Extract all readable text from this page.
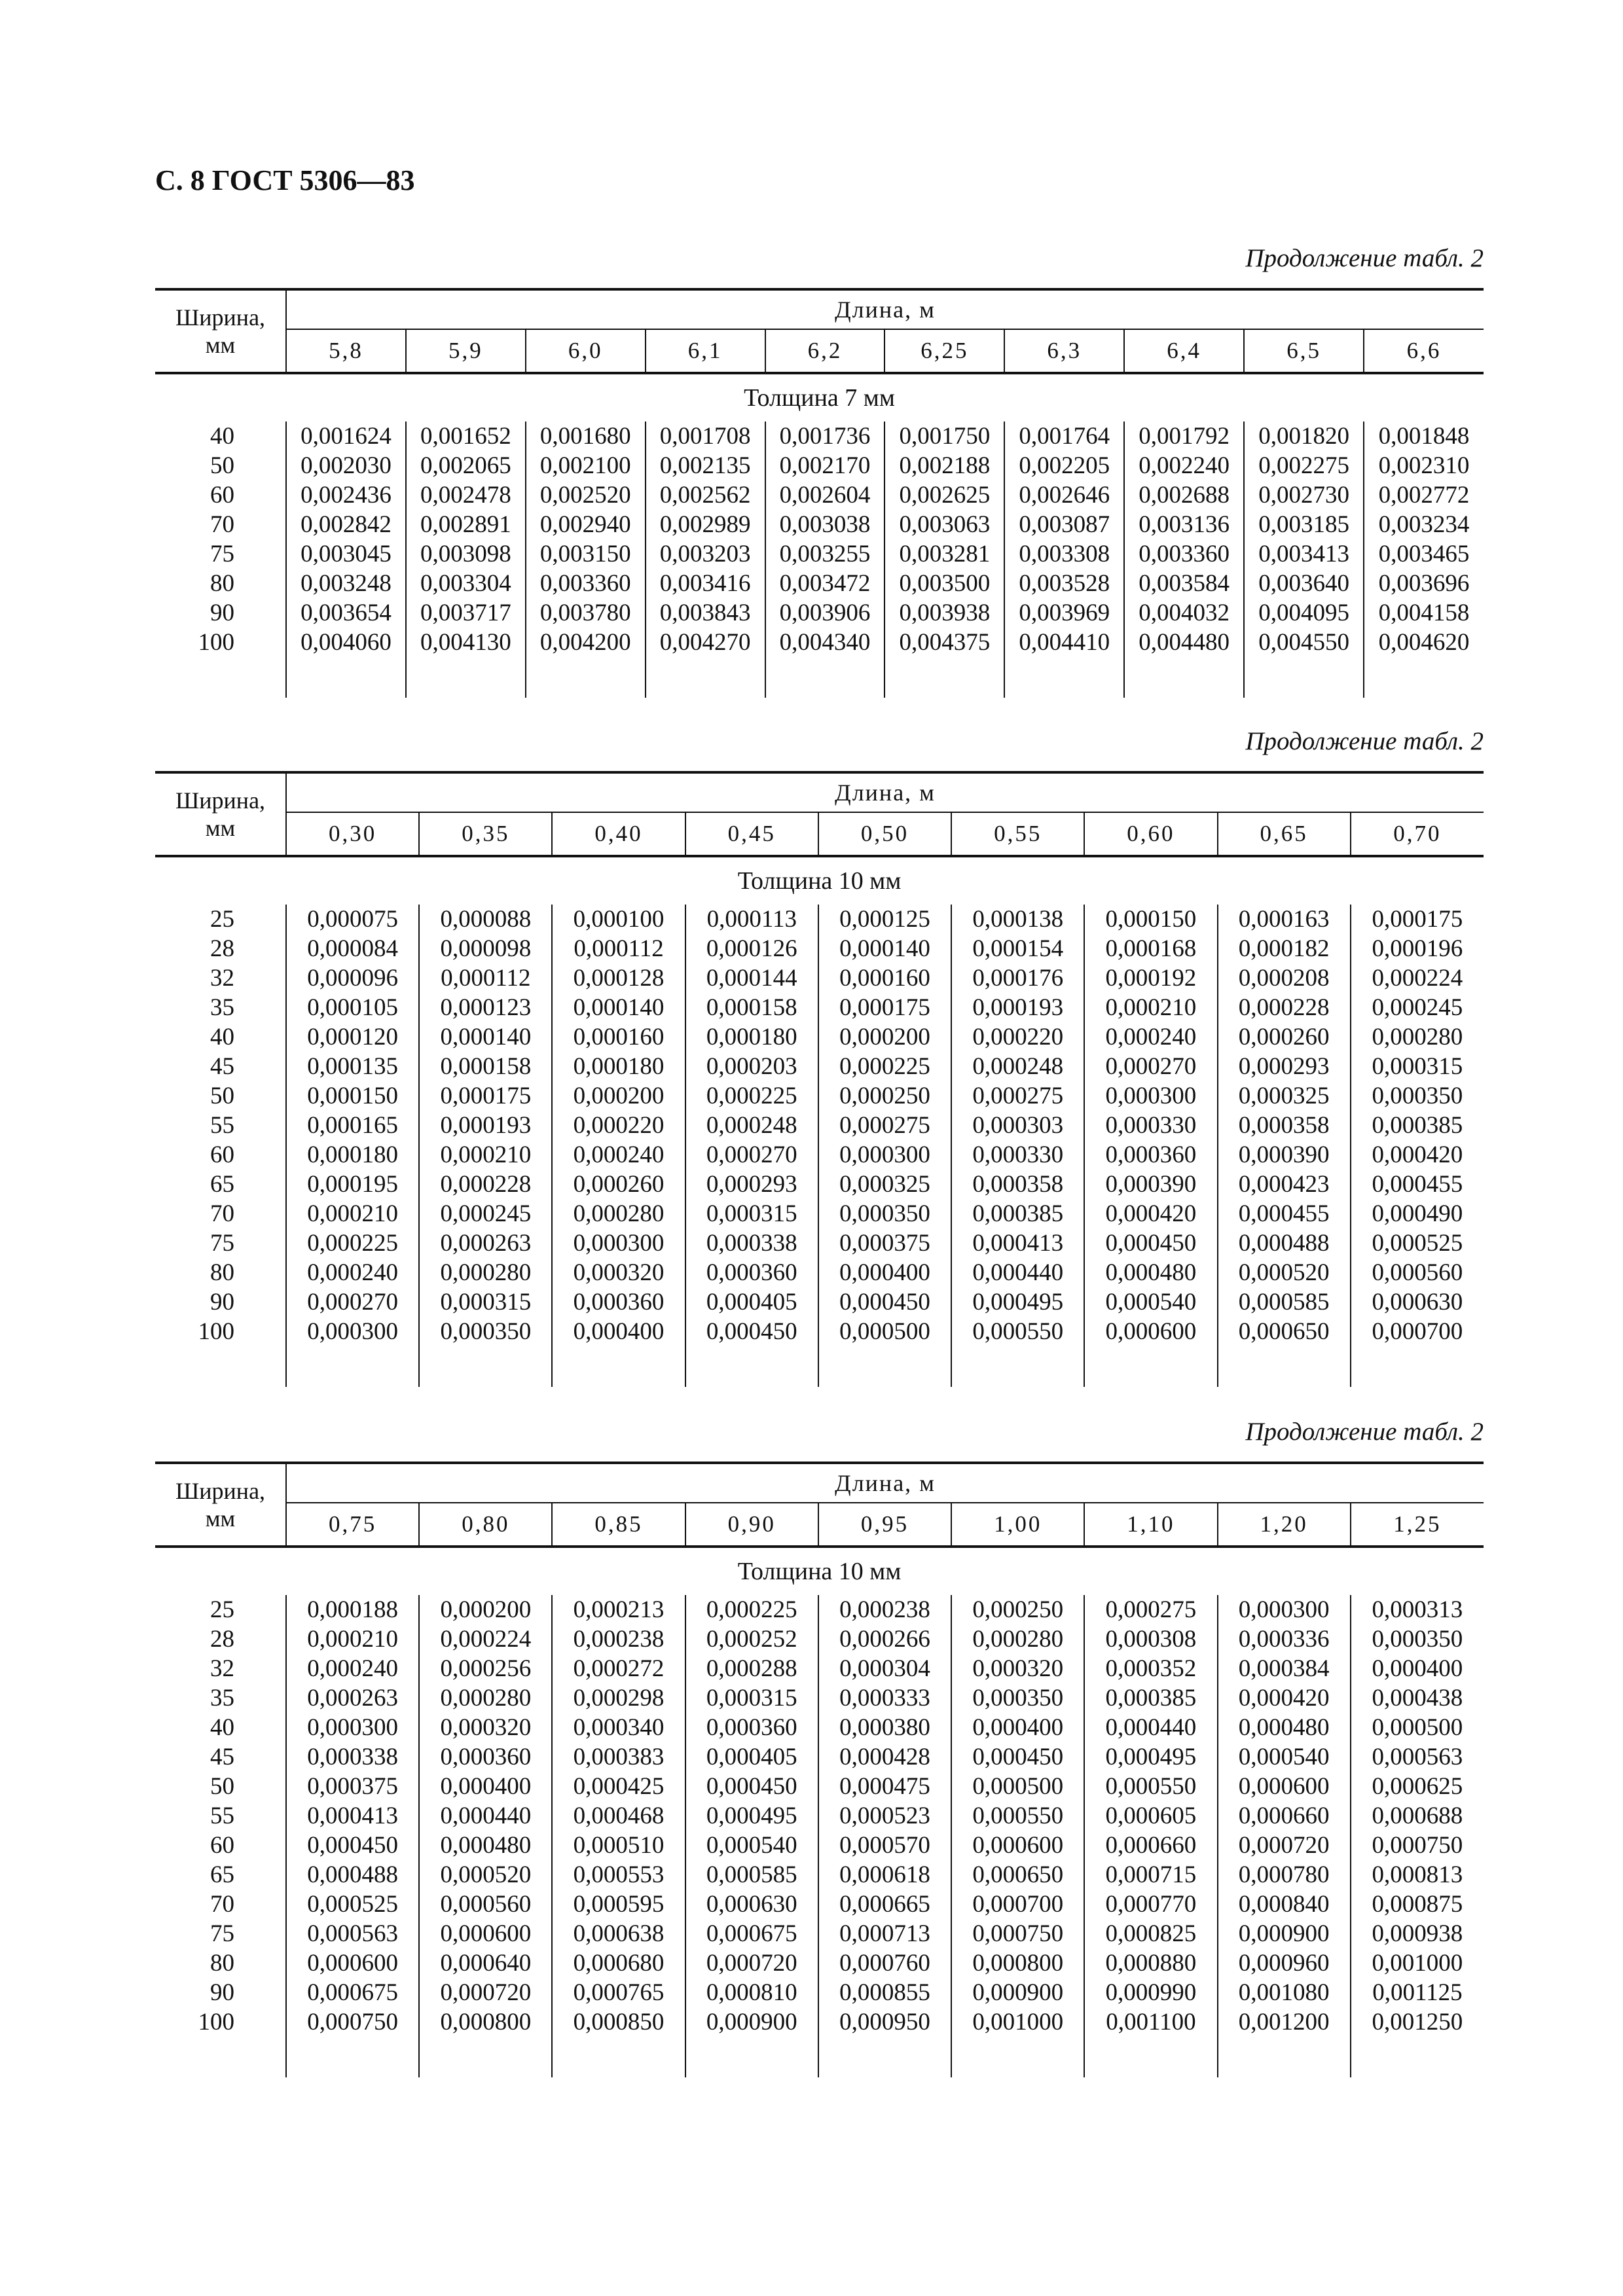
С. 8 ГОСТ 5306—83
Продолжение табл. 2
Ширина,
мм	Длина, м									
	5,8	5,9	6,0	6,1	6,2	6,25	6,3	6,4	6,5	6,6
Толщина 7 мм										
40	0,001624	0,001652	0,001680	0,001708	0,001736	0,001750	0,001764	0,001792	0,001820	0,001848
50	0,002030	0,002065	0,002100	0,002135	0,002170	0,002188	0,002205	0,002240	0,002275	0,002310
60	0,002436	0,002478	0,002520	0,002562	0,002604	0,002625	0,002646	0,002688	0,002730	0,002772
70	0,002842	0,002891	0,002940	0,002989	0,003038	0,003063	0,003087	0,003136	0,003185	0,003234
75	0,003045	0,003098	0,003150	0,003203	0,003255	0,003281	0,003308	0,003360	0,003413	0,003465
80	0,003248	0,003304	0,003360	0,003416	0,003472	0,003500	0,003528	0,003584	0,003640	0,003696
90	0,003654	0,003717	0,003780	0,003843	0,003906	0,003938	0,003969	0,004032	0,004095	0,004158
100	0,004060	0,004130	0,004200	0,004270	0,004340	0,004375	0,004410	0,004480	0,004550	0,004620

Продолжение табл. 2
Ширина,
мм	Длина, м								
	0,30	0,35	0,40	0,45	0,50	0,55	0,60	0,65	0,70
Толщина 10 мм									
25	0,000075	0,000088	0,000100	0,000113	0,000125	0,000138	0,000150	0,000163	0,000175
28	0,000084	0,000098	0,000112	0,000126	0,000140	0,000154	0,000168	0,000182	0,000196
32	0,000096	0,000112	0,000128	0,000144	0,000160	0,000176	0,000192	0,000208	0,000224
35	0,000105	0,000123	0,000140	0,000158	0,000175	0,000193	0,000210	0,000228	0,000245
40	0,000120	0,000140	0,000160	0,000180	0,000200	0,000220	0,000240	0,000260	0,000280
45	0,000135	0,000158	0,000180	0,000203	0,000225	0,000248	0,000270	0,000293	0,000315
50	0,000150	0,000175	0,000200	0,000225	0,000250	0,000275	0,000300	0,000325	0,000350
55	0,000165	0,000193	0,000220	0,000248	0,000275	0,000303	0,000330	0,000358	0,000385
60	0,000180	0,000210	0,000240	0,000270	0,000300	0,000330	0,000360	0,000390	0,000420
65	0,000195	0,000228	0,000260	0,000293	0,000325	0,000358	0,000390	0,000423	0,000455
70	0,000210	0,000245	0,000280	0,000315	0,000350	0,000385	0,000420	0,000455	0,000490
75	0,000225	0,000263	0,000300	0,000338	0,000375	0,000413	0,000450	0,000488	0,000525
80	0,000240	0,000280	0,000320	0,000360	0,000400	0,000440	0,000480	0,000520	0,000560
90	0,000270	0,000315	0,000360	0,000405	0,000450	0,000495	0,000540	0,000585	0,000630
100	0,000300	0,000350	0,000400	0,000450	0,000500	0,000550	0,000600	0,000650	0,000700

Продолжение табл. 2
Ширина,
мм	Длина, м								
	0,75	0,80	0,85	0,90	0,95	1,00	1,10	1,20	1,25
Толщина 10 мм									
25	0,000188	0,000200	0,000213	0,000225	0,000238	0,000250	0,000275	0,000300	0,000313
28	0,000210	0,000224	0,000238	0,000252	0,000266	0,000280	0,000308	0,000336	0,000350
32	0,000240	0,000256	0,000272	0,000288	0,000304	0,000320	0,000352	0,000384	0,000400
35	0,000263	0,000280	0,000298	0,000315	0,000333	0,000350	0,000385	0,000420	0,000438
40	0,000300	0,000320	0,000340	0,000360	0,000380	0,000400	0,000440	0,000480	0,000500
45	0,000338	0,000360	0,000383	0,000405	0,000428	0,000450	0,000495	0,000540	0,000563
50	0,000375	0,000400	0,000425	0,000450	0,000475	0,000500	0,000550	0,000600	0,000625
55	0,000413	0,000440	0,000468	0,000495	0,000523	0,000550	0,000605	0,000660	0,000688
60	0,000450	0,000480	0,000510	0,000540	0,000570	0,000600	0,000660	0,000720	0,000750
65	0,000488	0,000520	0,000553	0,000585	0,000618	0,000650	0,000715	0,000780	0,000813
70	0,000525	0,000560	0,000595	0,000630	0,000665	0,000700	0,000770	0,000840	0,000875
75	0,000563	0,000600	0,000638	0,000675	0,000713	0,000750	0,000825	0,000900	0,000938
80	0,000600	0,000640	0,000680	0,000720	0,000760	0,000800	0,000880	0,000960	0,001000
90	0,000675	0,000720	0,000765	0,000810	0,000855	0,000900	0,000990	0,001080	0,001125
100	0,000750	0,000800	0,000850	0,000900	0,000950	0,001000	0,001100	0,001200	0,001250
